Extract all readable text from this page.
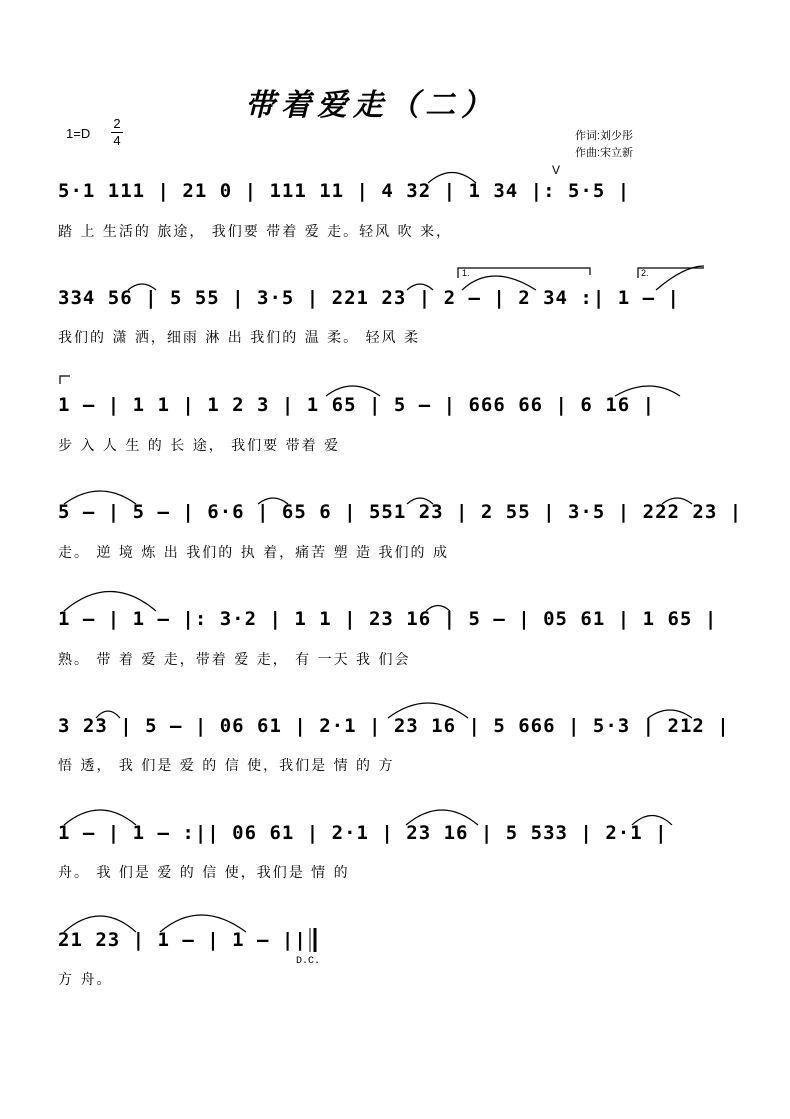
带着爱走（二）
1=D
2
4	作词:刘少彤
作曲:宋立新
5·1 111 | 21 0 | 111 11 | 4 32 | 1 34 |: 5·5 |
踏 上 生活的 旅途， 我们要 带着 爱 走。轻风 吹 来，
V
334 56 | 5 55 | 3·5 | 221 23 | 2 – | 2 34 :| 1 – |
我们的 潇 洒，细雨 淋 出 我们的 温 柔。 轻风 柔
1.	2.
1 – | 1 1 | 1 2 3 | 1 65 | 5 – | 666 66 | 6 16 |
步 入 人 生 的 长 途， 我们要 带着 爱
5 – | 5 – | 6·6 | 65 6 | 551 23 | 2 55 | 3·5 | 222 23 |
走。 逆 境 炼 出 我们的 执 着，痛苦 塑 造 我们的 成
1 – | 1 – |: 3·2 | 1 1 | 23 16 | 5 – | 05 61 | 1 65 |
熟。 带 着 爱 走，带着 爱 走， 有 一天 我 们会
3 23 | 5 – | 06 61 | 2·1 | 23 16 | 5 666 | 5·3 | 212 |
悟 透， 我 们是 爱 的 信 使，我们是 情 的 方
1 – | 1 – :|| 06 61 | 2·1 | 23 16 | 5 533 | 2·1 |
舟。 我 们是 爱 的 信 使，我们是 情 的
21 23 | 1 – | 1 – ||
方 舟。
D.C.
